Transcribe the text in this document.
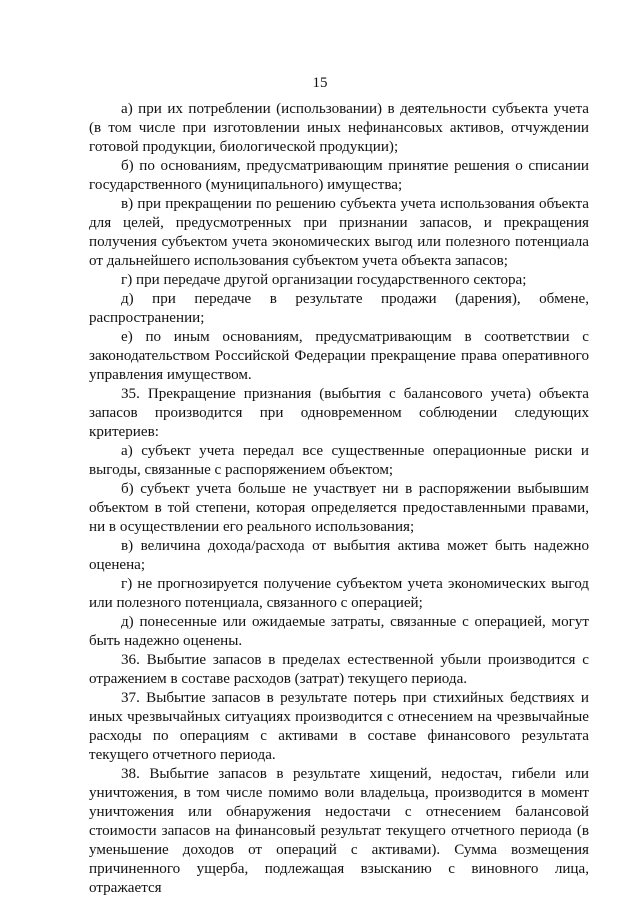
15

а) при их потреблении (использовании) в деятельности субъекта учета (в том числе при изготовлении иных нефинансовых активов, отчуждении готовой продукции, биологической продукции);

б) по основаниям, предусматривающим принятие решения о списании государственного (муниципального) имущества;

в) при прекращении по решению субъекта учета использования объекта для целей, предусмотренных при признании запасов, и прекращения получения субъектом учета экономических выгод или полезного потенциала от дальнейшего использования субъектом учета объекта запасов;

г) при передаче другой организации государственного сектора;

д) при передаче в результате продажи (дарения), обмене, распространении;

е) по иным основаниям, предусматривающим в соответствии с законодательством Российской Федерации прекращение права оперативного управления имуществом.

35. Прекращение признания (выбытия с балансового учета) объекта запасов производится при одновременном соблюдении следующих критериев:

а) субъект учета передал все существенные операционные риски и выгоды, связанные с распоряжением объектом;

б) субъект учета больше не участвует ни в распоряжении выбывшим объектом в той степени, которая определяется предоставленными правами, ни в осуществлении его реального использования;

в) величина дохода/расхода от выбытия актива может быть надежно оценена;

г) не прогнозируется получение субъектом учета экономических выгод или полезного потенциала, связанного с операцией;

д) понесенные или ожидаемые затраты, связанные с операцией, могут быть надежно оценены.

36. Выбытие запасов в пределах естественной убыли производится с отражением в составе расходов (затрат) текущего периода.

37. Выбытие запасов в результате потерь при стихийных бедствиях и иных чрезвычайных ситуациях производится с отнесением на чрезвычайные расходы по операциям с активами в составе финансового результата текущего отчетного периода.

38. Выбытие запасов в результате хищений, недостач, гибели или уничтожения, в том числе помимо воли владельца, производится в момент уничтожения или обнаружения недостачи с отнесением балансовой стоимости запасов на финансовый результат текущего отчетного периода (в уменьшение доходов от операций с активами). Сумма возмещения причиненного ущерба, подлежащая взысканию с виновного лица, отражается
